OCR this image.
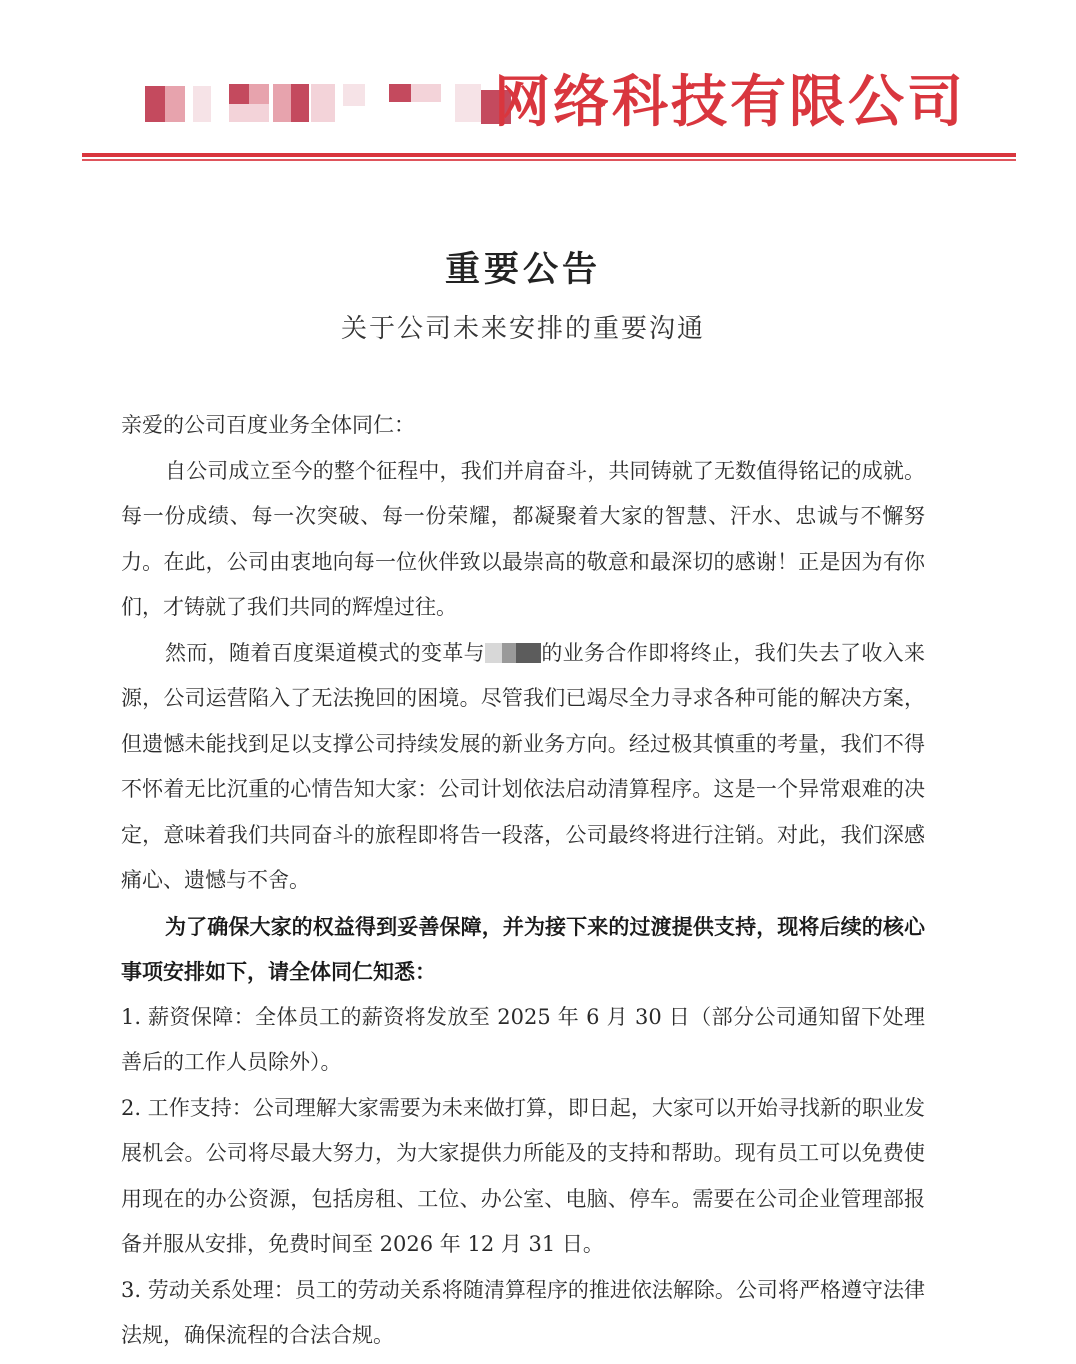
网络科技有限公司
重要公告
关于公司未来安排的重要沟通

亲爱的公司百度业务全体同仁：

自公司成立至今的整个征程中，我们并肩奋斗，共同铸就了无数值得铭记的成就。每一份成绩、每一次突破、每一份荣耀，都凝聚着大家的智慧、汗水、忠诚与不懈努力。在此，公司由衷地向每一位伙伴致以最崇高的敬意和最深切的感谢！正是因为有你们，才铸就了我们共同的辉煌过往。

然而，随着百度渠道模式的变革与	的业务合作即将终止，我们失去了收入来源，公司运营陷入了无法挽回的困境。尽管我们已竭尽全力寻求各种可能的解决方案，但遗憾未能找到足以支撑公司持续发展的新业务方向。经过极其慎重的考量，我们不得不怀着无比沉重的心情告知大家：公司计划依法启动清算程序。这是一个异常艰难的决定，意味着我们共同奋斗的旅程即将告一段落，公司最终将进行注销。对此，我们深感痛心、遗憾与不舍。

为了确保大家的权益得到妥善保障，并为接下来的过渡提供支持，现将后续的核心事项安排如下，请全体同仁知悉：

1. 薪资保障：全体员工的薪资将发放至 2025 年 6 月 30 日（部分公司通知留下处理善后的工作人员除外）。

2. 工作支持：公司理解大家需要为未来做打算，即日起，大家可以开始寻找新的职业发展机会。公司将尽最大努力，为大家提供力所能及的支持和帮助。现有员工可以免费使用现在的办公资源，包括房租、工位、办公室、电脑、停车。需要在公司企业管理部报备并服从安排，免费时间至 2026 年 12 月 31 日。

3. 劳动关系处理：员工的劳动关系将随清算程序的推进依法解除。公司将严格遵守法律法规，确保流程的合法合规。
